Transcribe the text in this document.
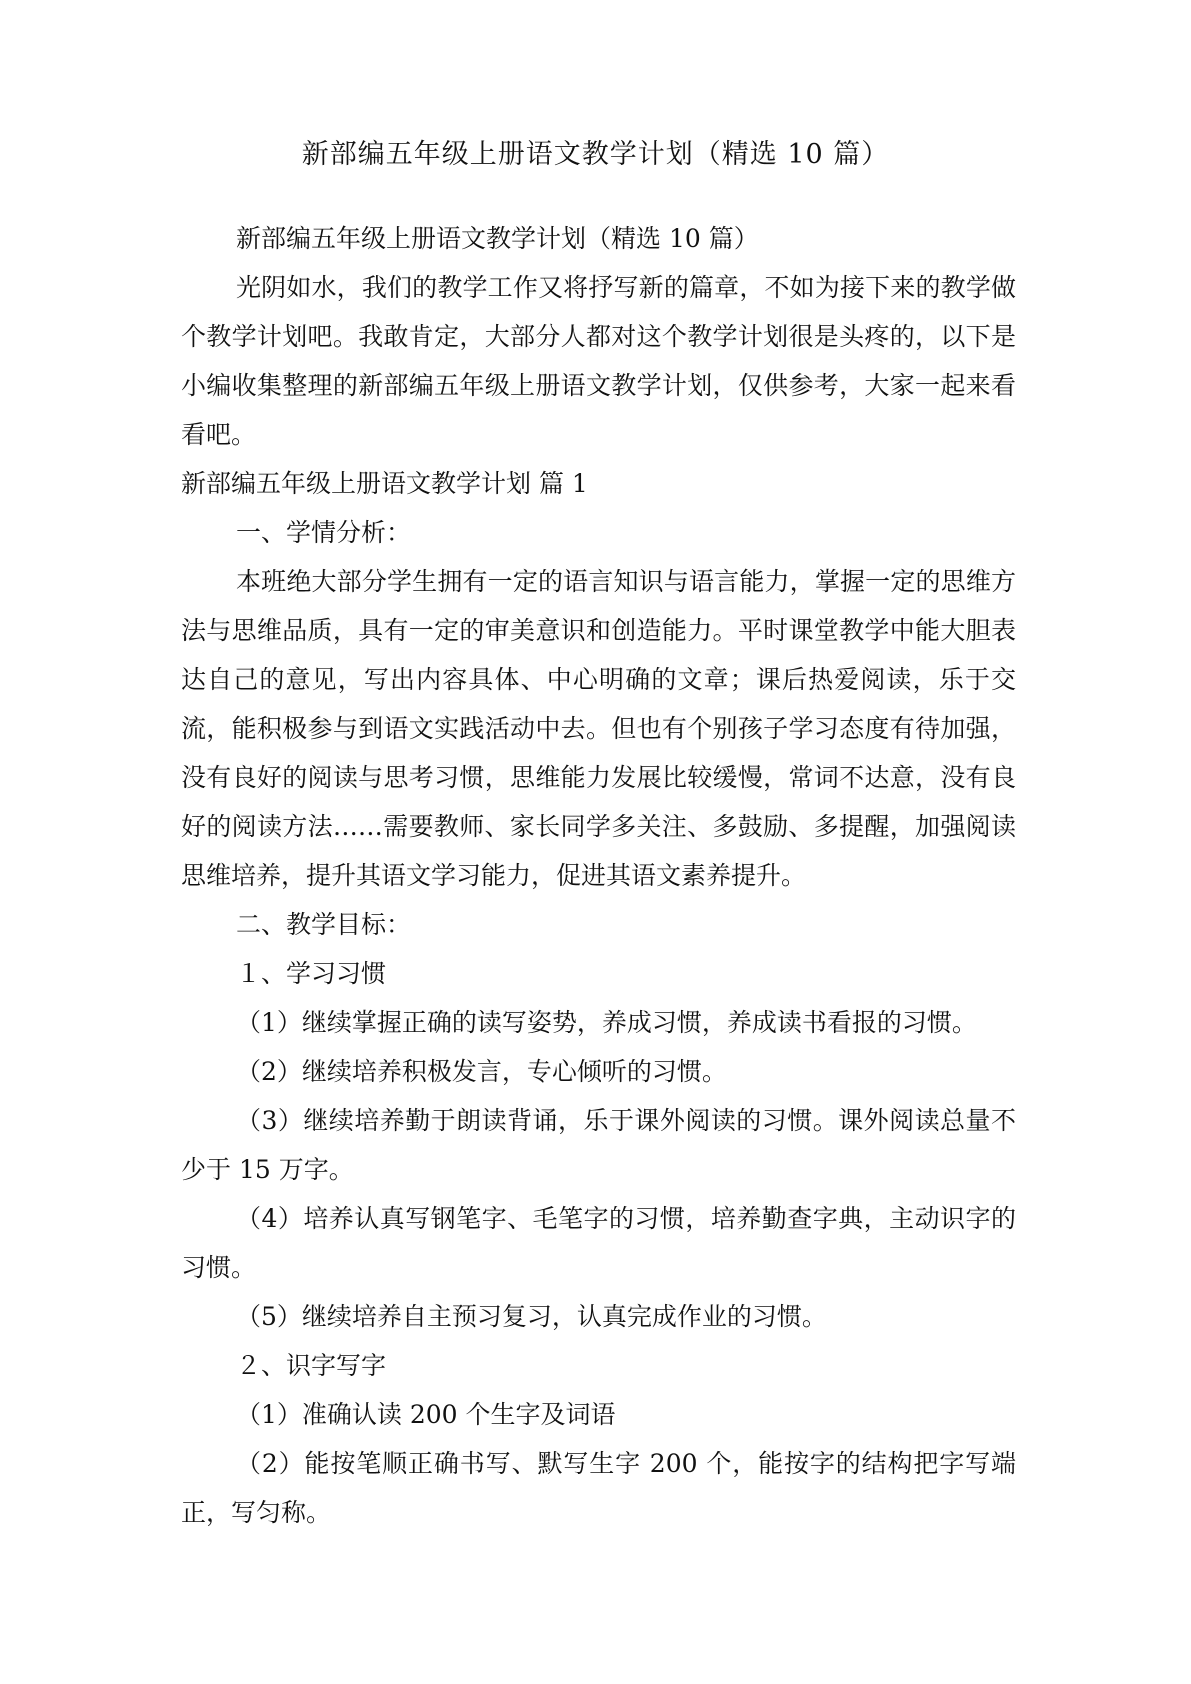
新部编五年级上册语文教学计划（精选 10 篇）

新部编五年级上册语文教学计划（精选 10 篇）

光阴如水，我们的教学工作又将抒写新的篇章，不如为接下来的教学做个教学计划吧。我敢肯定，大部分人都对这个教学计划很是头疼的，以下是小编收集整理的新部编五年级上册语文教学计划，仅供参考，大家一起来看看吧。

新部编五年级上册语文教学计划 篇 1

一、学情分析：

本班绝大部分学生拥有一定的语言知识与语言能力，掌握一定的思维方法与思维品质，具有一定的审美意识和创造能力。平时课堂教学中能大胆表达自己的意见，写出内容具体、中心明确的文章；课后热爱阅读，乐于交流，能积极参与到语文实践活动中去。但也有个别孩子学习态度有待加强，没有良好的阅读与思考习惯，思维能力发展比较缓慢，常词不达意，没有良好的阅读方法……需要教师、家长同学多关注、多鼓励、多提醒，加强阅读思维培养，提升其语文学习能力，促进其语文素养提升。

二、教学目标：

１、学习习惯

（1）继续掌握正确的读写姿势，养成习惯，养成读书看报的习惯。

（2）继续培养积极发言，专心倾听的习惯。

（3）继续培养勤于朗读背诵，乐于课外阅读的习惯。课外阅读总量不少于 15 万字。

（4）培养认真写钢笔字、毛笔字的习惯，培养勤查字典，主动识字的习惯。

（5）继续培养自主预习复习，认真完成作业的习惯。

２、识字写字

（1）准确认读 200 个生字及词语

（2）能按笔顺正确书写、默写生字 200 个，能按字的结构把字写端正，写匀称。
